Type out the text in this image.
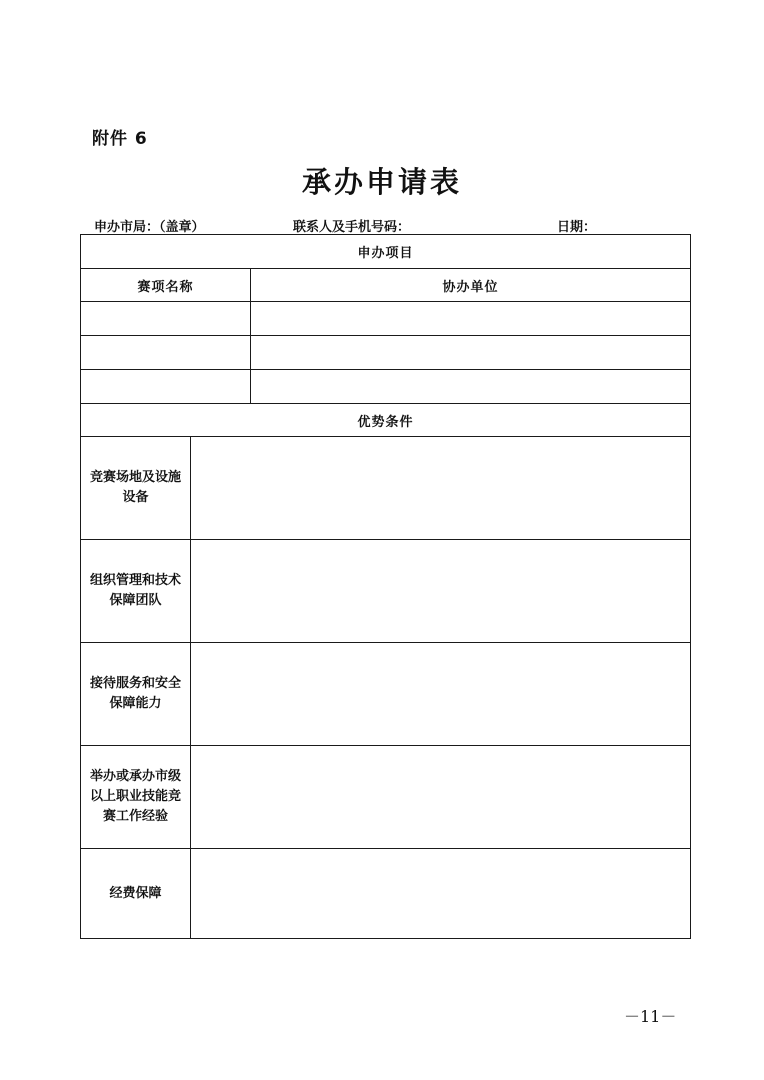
附件 6
承办申请表
申办市局：（盖章）	联系人及手机号码：	日期：
申办项目		
赛项名称		协办单位

优势条件		

竞赛场地及设施
设备		

组织管理和技术
保障团队		

接待服务和安全
保障能力		

举办或承办市级
以上职业技能竞
赛工作经验		

经费保障		

－11－
